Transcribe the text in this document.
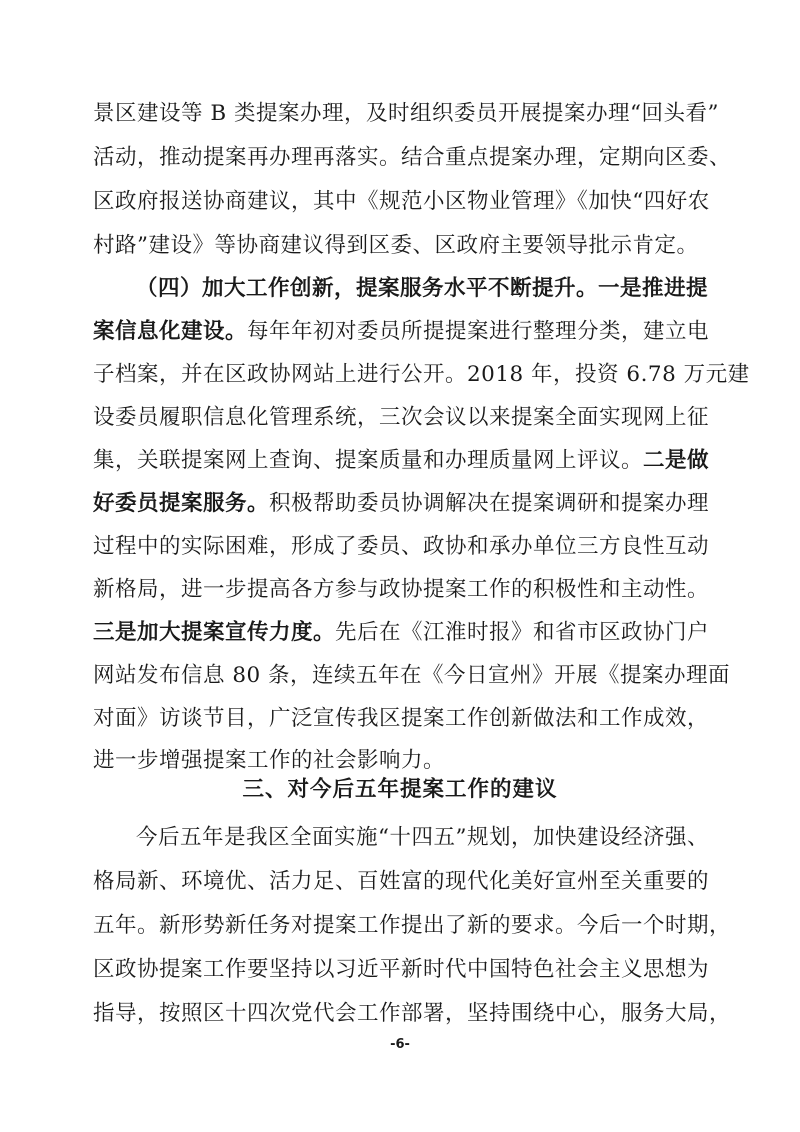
景区建设等 B 类提案办理，及时组织委员开展提案办理“回头看”
活动，推动提案再办理再落实。结合重点提案办理，定期向区委、
区政府报送协商建议，其中《规范小区物业管理》《加快“四好农
村路”建设》等协商建议得到区委、区政府主要领导批示肯定。
（四）加大工作创新，提案服务水平不断提升。一是推进提
案信息化建设。每年年初对委员所提提案进行整理分类，建立电
子档案，并在区政协网站上进行公开。2018 年，投资 6.78 万元建
设委员履职信息化管理系统，三次会议以来提案全面实现网上征
集，关联提案网上查询、提案质量和办理质量网上评议。二是做
好委员提案服务。积极帮助委员协调解决在提案调研和提案办理
过程中的实际困难，形成了委员、政协和承办单位三方良性互动
新格局，进一步提高各方参与政协提案工作的积极性和主动性。
三是加大提案宣传力度。先后在《江淮时报》和省市区政协门户
网站发布信息 80 条，连续五年在《今日宣州》开展《提案办理面
对面》访谈节目，广泛宣传我区提案工作创新做法和工作成效，
进一步增强提案工作的社会影响力。
三、对今后五年提案工作的建议
今后五年是我区全面实施“十四五”规划，加快建设经济强、
格局新、环境优、活力足、百姓富的现代化美好宣州至关重要的
五年。新形势新任务对提案工作提出了新的要求。今后一个时期，
区政协提案工作要坚持以习近平新时代中国特色社会主义思想为
指导，按照区十四次党代会工作部署，坚持围绕中心，服务大局，
-6-
